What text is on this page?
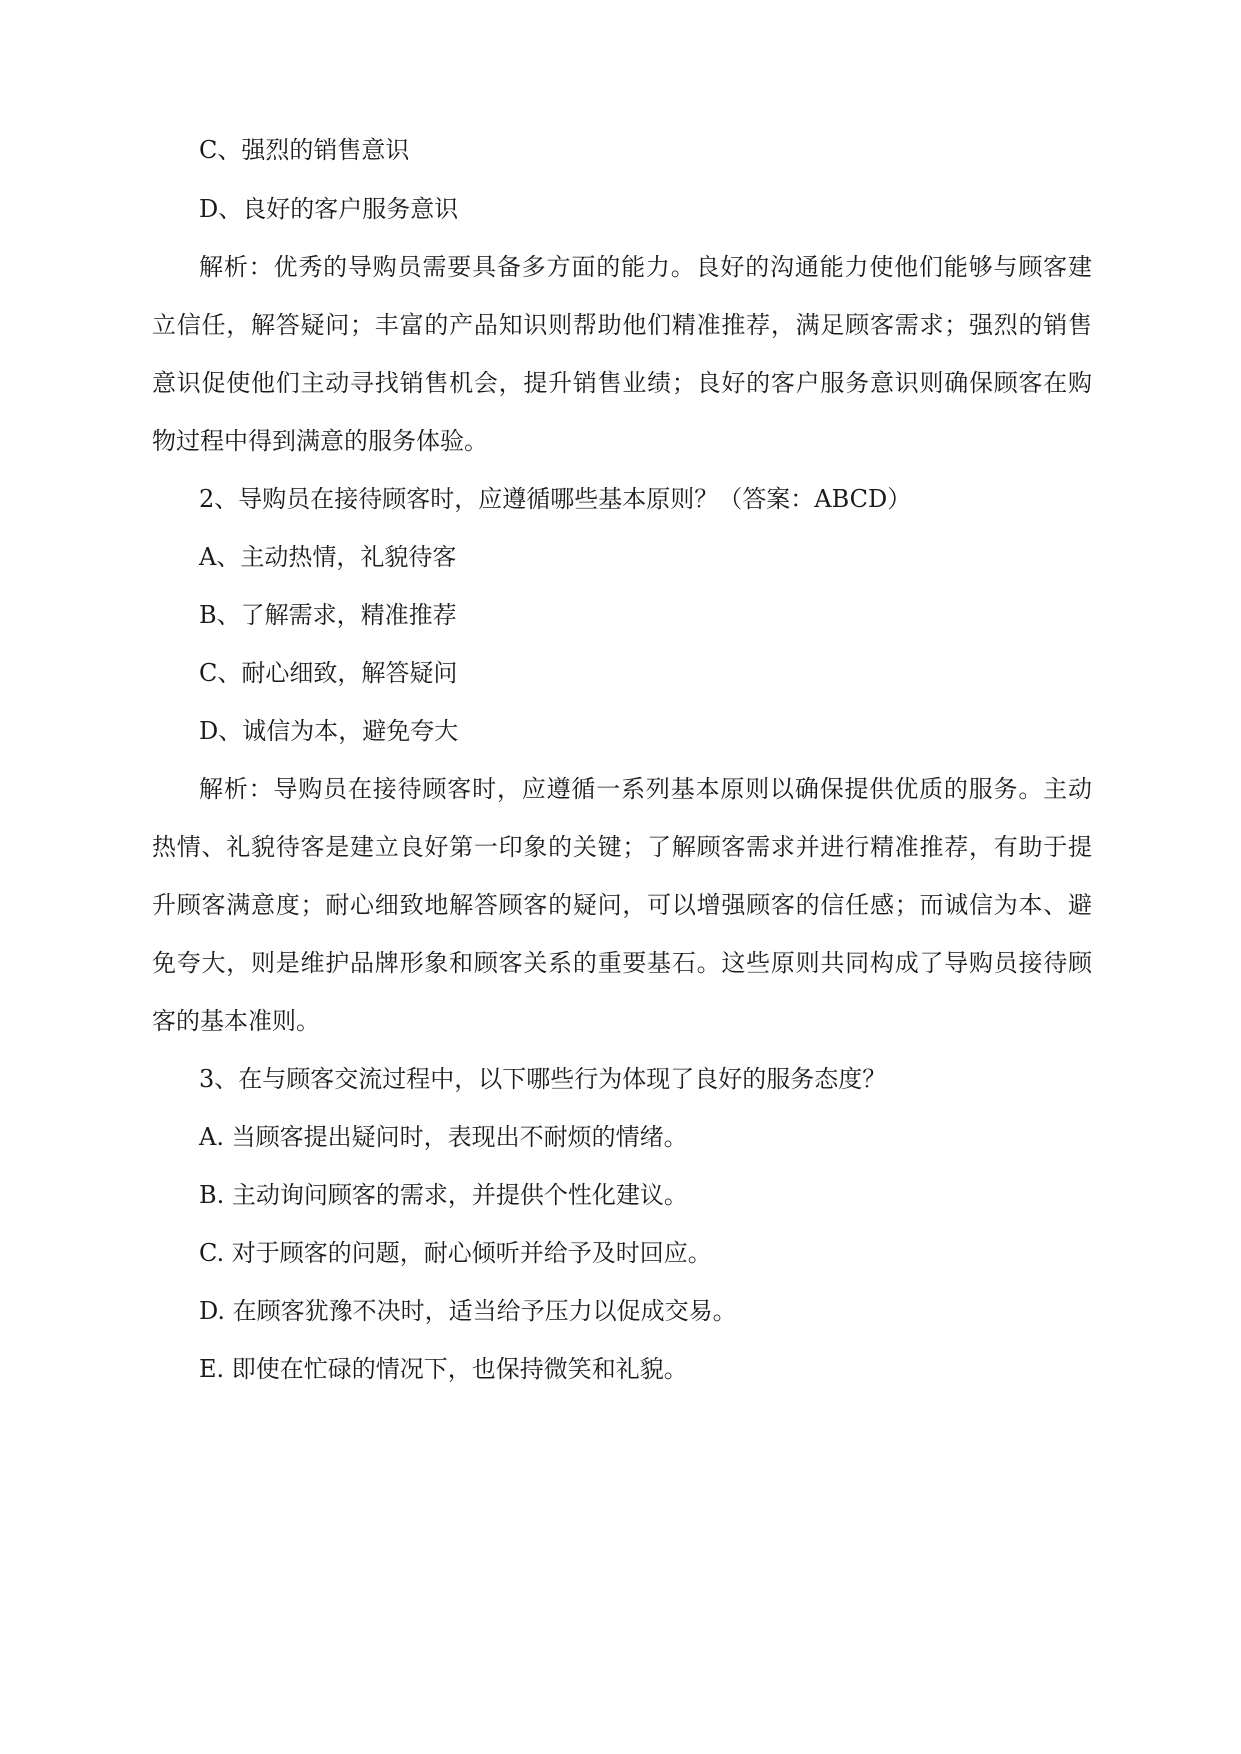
C、强烈的销售意识
D、良好的客户服务意识
解析：优秀的导购员需要具备多方面的能力。良好的沟通能力使他们能够与顾客建
立信任，解答疑问；丰富的产品知识则帮助他们精准推荐，满足顾客需求；强烈的销售
意识促使他们主动寻找销售机会，提升销售业绩；良好的客户服务意识则确保顾客在购
物过程中得到满意的服务体验。
2、导购员在接待顾客时，应遵循哪些基本原则？（答案：ABCD）
A、主动热情，礼貌待客
B、了解需求，精准推荐
C、耐心细致，解答疑问
D、诚信为本，避免夸大
解析：导购员在接待顾客时，应遵循一系列基本原则以确保提供优质的服务。主动
热情、礼貌待客是建立良好第一印象的关键；了解顾客需求并进行精准推荐，有助于提
升顾客满意度；耐心细致地解答顾客的疑问，可以增强顾客的信任感；而诚信为本、避
免夸大，则是维护品牌形象和顾客关系的重要基石。这些原则共同构成了导购员接待顾
客的基本准则。
3、在与顾客交流过程中，以下哪些行为体现了良好的服务态度？
A. 当顾客提出疑问时，表现出不耐烦的情绪。
B. 主动询问顾客的需求，并提供个性化建议。
C. 对于顾客的问题，耐心倾听并给予及时回应。
D. 在顾客犹豫不决时，适当给予压力以促成交易。
E. 即使在忙碌的情况下，也保持微笑和礼貌。
